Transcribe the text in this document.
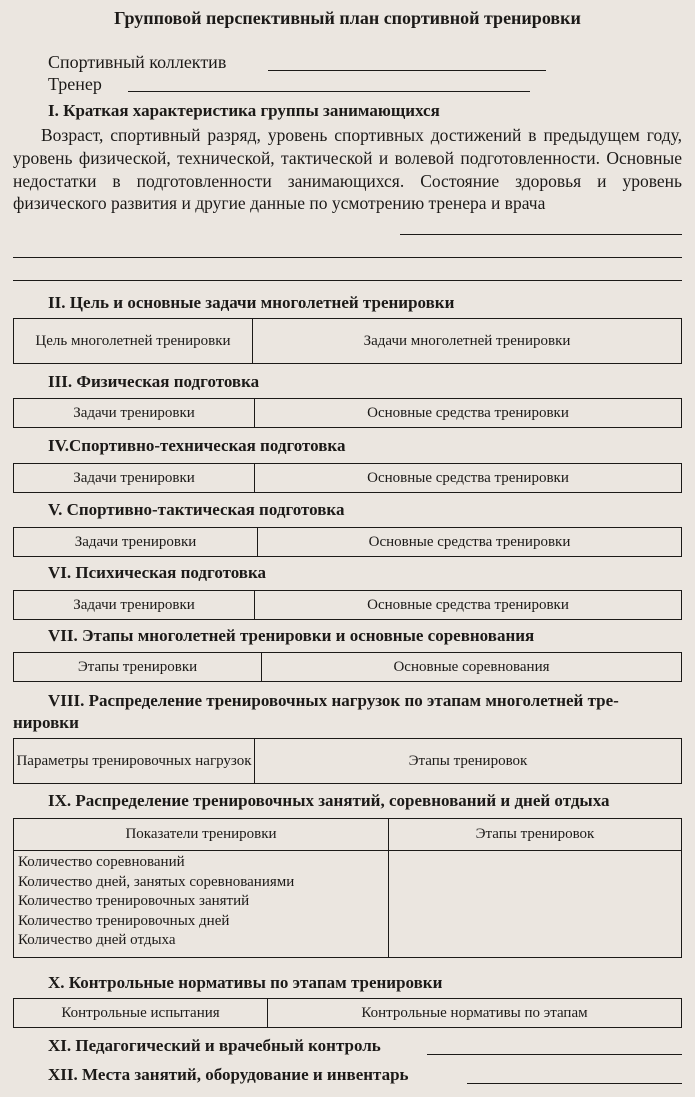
Групповой перспективный план спортивной тренировки
Спортивный коллектив
Тренер
I. Краткая характеристика группы занимающихся
Возраст, спортивный разряд, уровень спортивных достижений в предыдущем году, уровень физической, технической, тактической и волевой подготовленности. Основные недостатки в подготовленности занимающихся. Состояние здоровья и уровень физического развития и другие данные по усмотрению тренера и врача
II. Цель и основные задачи многолетней тренировки
Цель многолетней тренировки	Задачи многолетней тренировки
III. Физическая подготовка
Задачи тренировки	Основные средства тренировки
IV.Спортивно-техническая подготовка
Задачи тренировки	Основные средства тренировки
V. Спортивно-тактическая подготовка
Задачи тренировки	Основные средства тренировки
VI. Психическая подготовка
Задачи тренировки	Основные средства тренировки
VII. Этапы многолетней тренировки и основные соревнования
Этапы тренировки	Основные соревнования
VIII. Распределение тренировочных нагрузок по этапам многолетней тре-
нировки
Параметры тренировочных нагрузок	Этапы тренировок
IX. Распределение тренировочных занятий, соревнований и дней отдыха
Показатели тренировки	Этапы тренировок

Количество соревнований
Количество дней, занятых соревнованиями
Количество тренировочных занятий
Количество тренировочных дней
Количество дней отдыха	

X. Контрольные нормативы по этапам тренировки
Контрольные испытания	Контрольные нормативы по этапам
XI. Педагогический и врачебный контроль
XII. Места занятий, оборудование и инвентарь
